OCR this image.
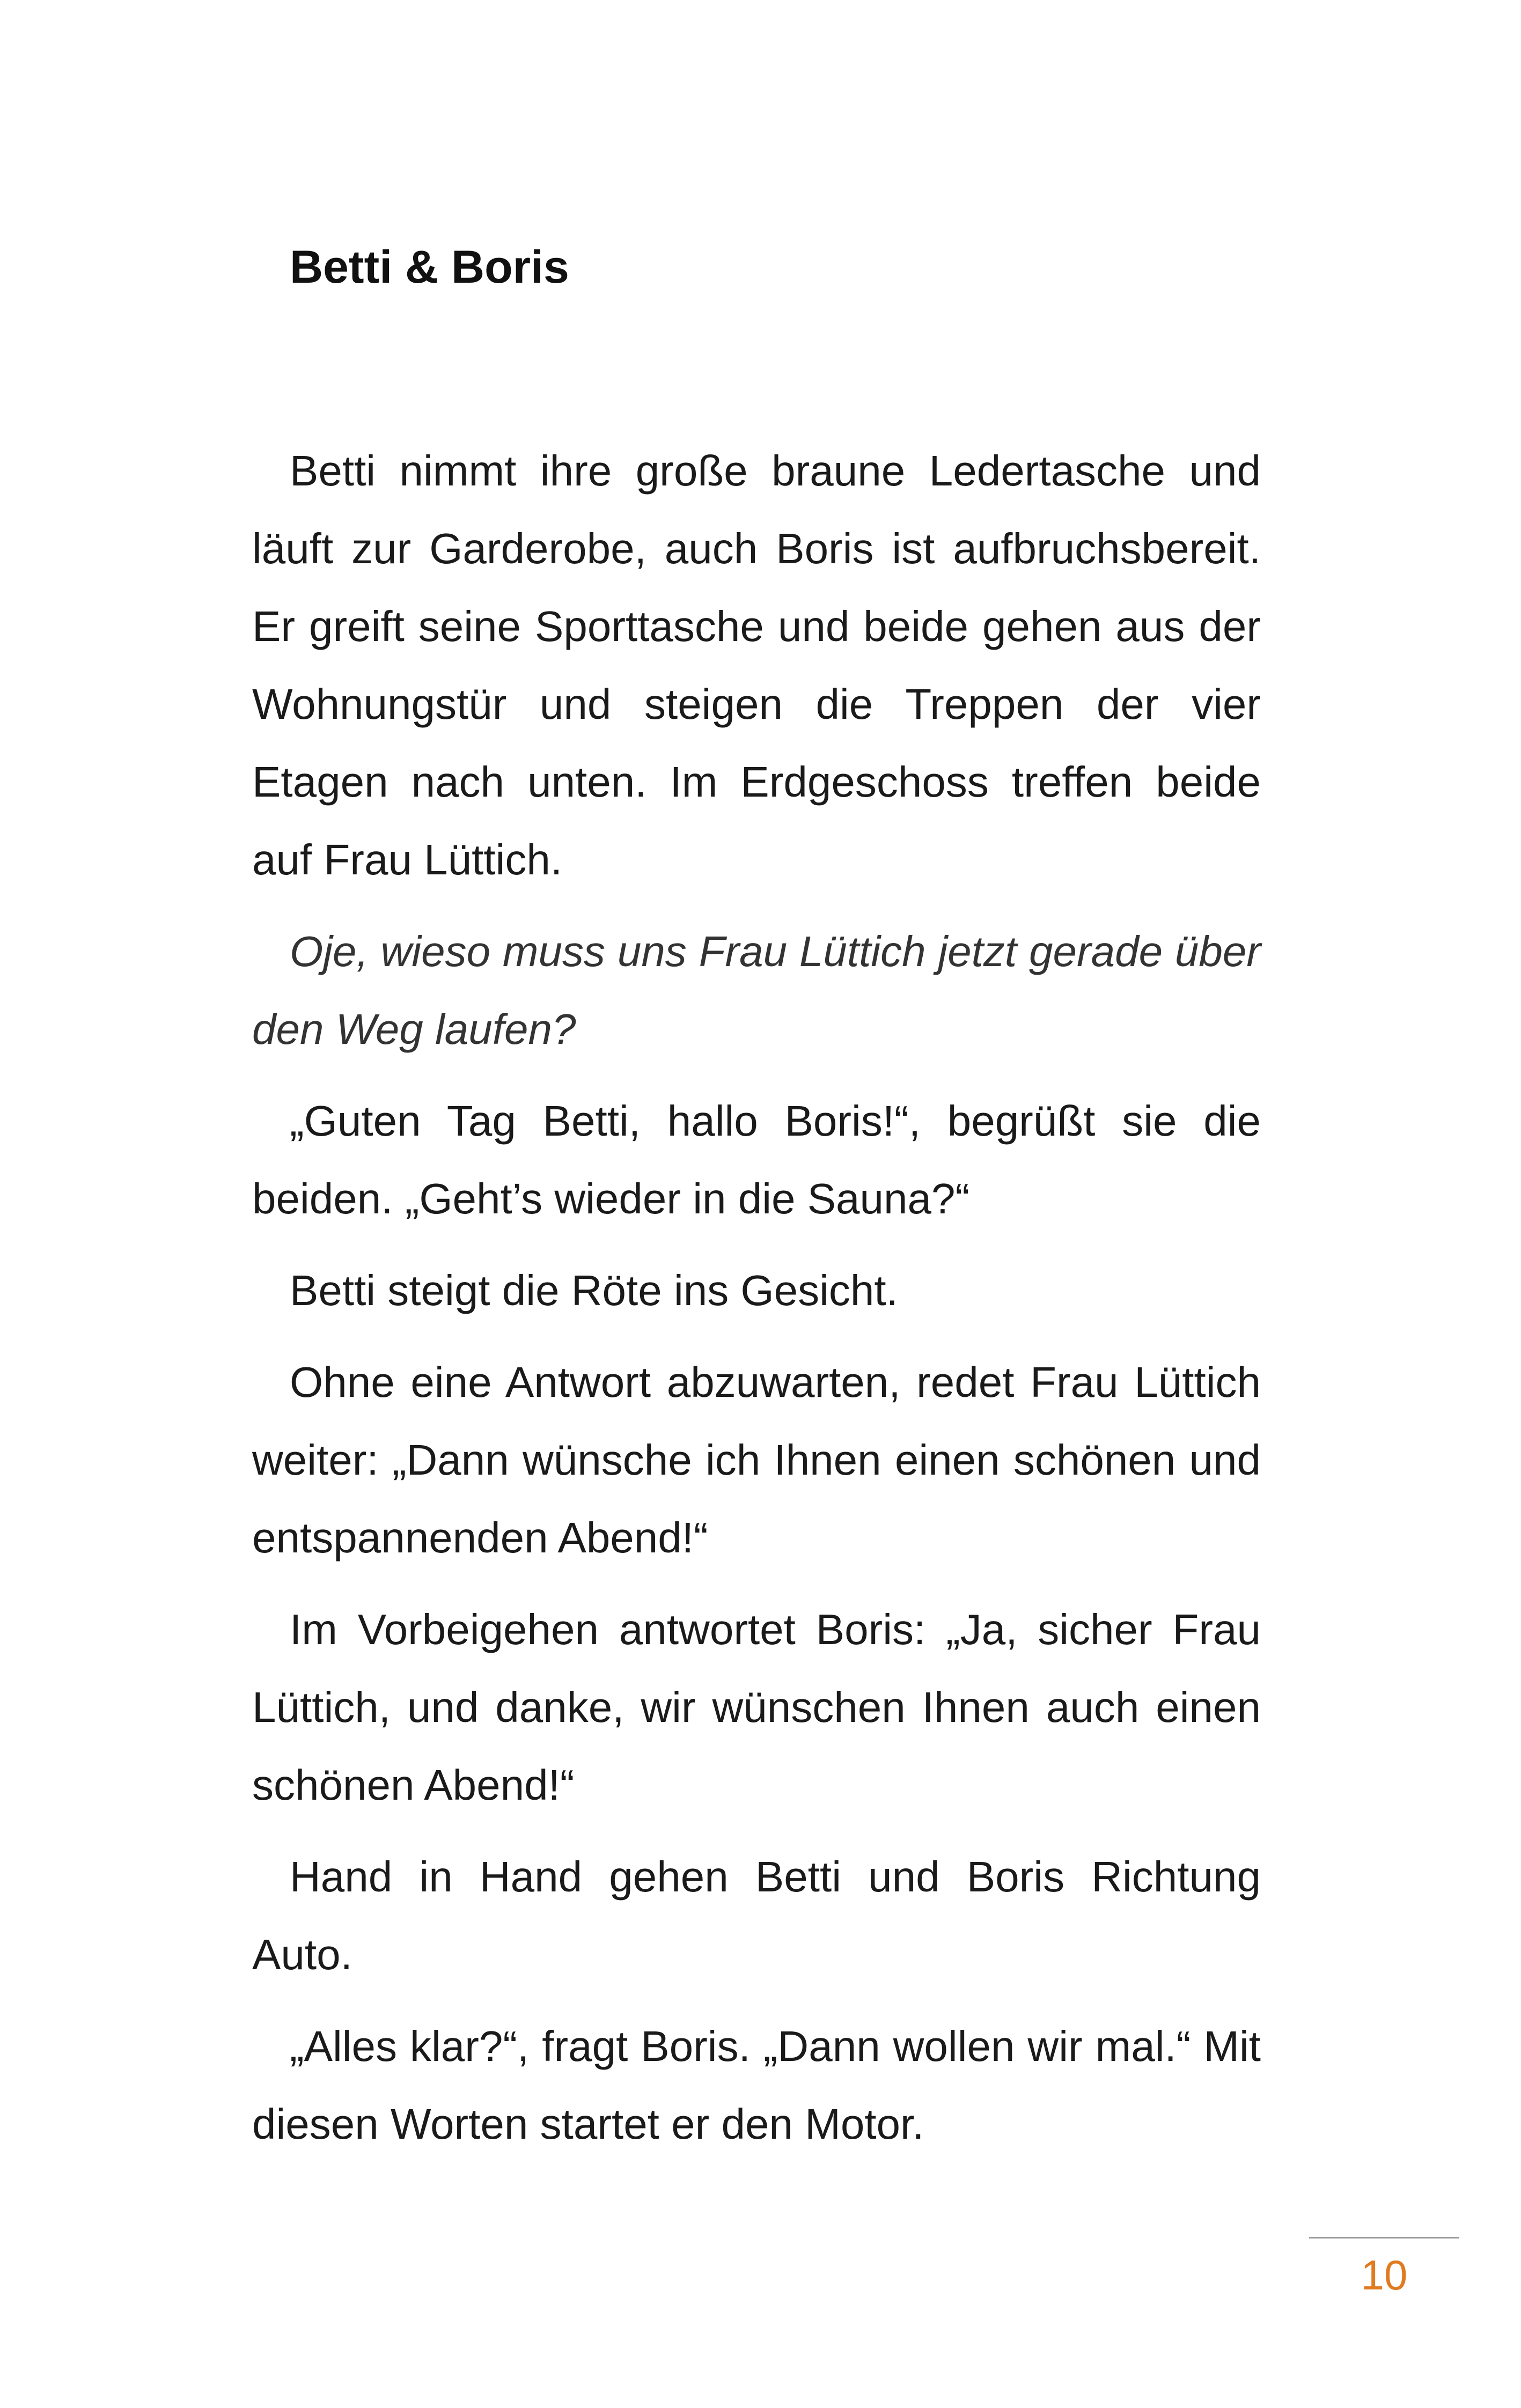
Betti & Boris

Betti nimmt ihre große braune Ledertasche und läuft zur Garderobe, auch Boris ist aufbruchsbereit. Er greift seine Sporttasche und beide gehen aus der Wohnungstür und steigen die Treppen der vier Etagen nach unten. Im Erdgeschoss treffen beide auf Frau Lüttich.

Oje, wieso muss uns Frau Lüttich jetzt gerade über den Weg laufen?

„Guten Tag Betti, hallo Boris!“, begrüßt sie die beiden. „Geht’s wieder in die Sauna?“

Betti steigt die Röte ins Gesicht.

Ohne eine Antwort abzuwarten, redet Frau Lüttich weiter: „Dann wünsche ich Ihnen einen schönen und entspannenden Abend!“

Im Vorbeigehen antwortet Boris: „Ja, sicher Frau Lüttich, und danke, wir wünschen Ihnen auch einen schönen Abend!“

Hand in Hand gehen Betti und Boris Richtung Auto.

„Alles klar?“, fragt Boris. „Dann wollen wir mal.“ Mit diesen Worten startet er den Motor.

10
